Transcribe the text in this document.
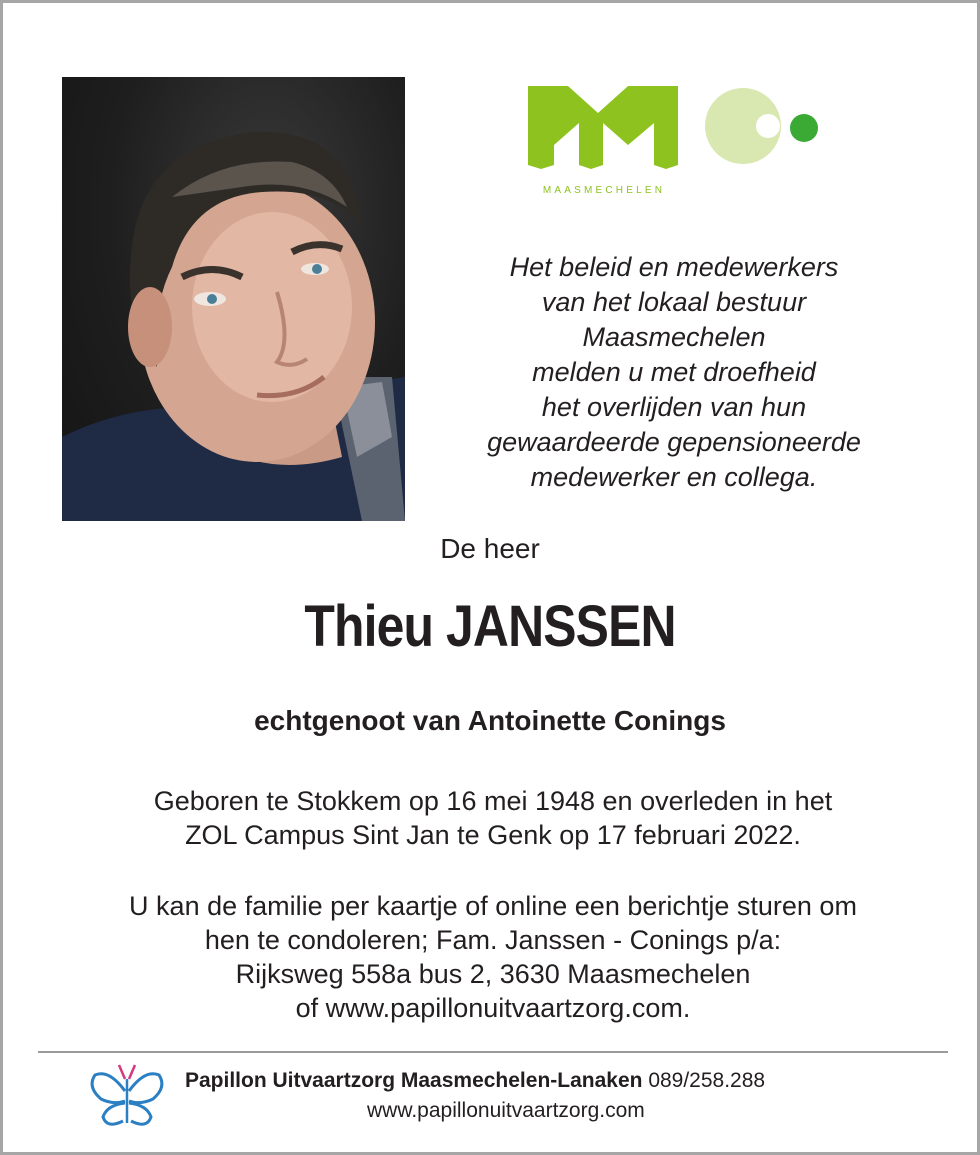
MAASMECHELEN
Het beleid en medewerkers
van het lokaal bestuur
Maasmechelen
melden u met droefheid
het overlijden van hun
gewaardeerde gepensioneerde
medewerker en collega.
De heer
Thieu JANSSEN
echtgenoot van Antoinette Conings
Geboren te Stokkem op 16 mei 1948 en overleden in het
ZOL Campus Sint Jan te Genk op 17 februari 2022.
U kan de familie per kaartje of online een berichtje sturen om
hen te condoleren; Fam. Janssen - Conings p/a:
Rijksweg 558a bus 2, 3630 Maasmechelen
of www.papillonuitvaartzorg.com.
Papillon Uitvaartzorg Maasmechelen-Lanaken 089/258.288
www.papillonuitvaartzorg.com
